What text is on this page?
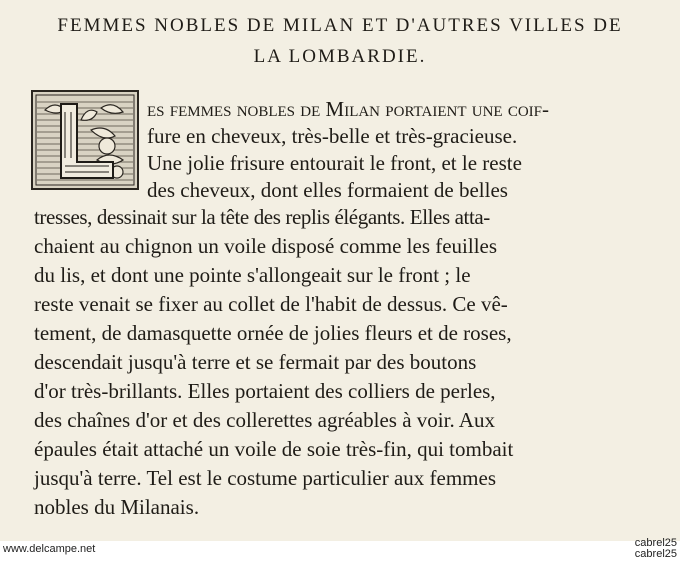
FEMMES NOBLES DE MILAN ET D'AUTRES VILLES DE
LA LOMBARDIE.
es femmes nobles de Milan portaient une coif-
fure en cheveux, très-belle et très-gracieuse.
Une jolie frisure entourait le front, et le reste
des cheveux, dont elles formaient de belles
tresses, dessinait sur la tête des replis élégants. Elles atta-
chaient au chignon un voile disposé comme les feuilles
du lis, et dont une pointe s'allongeait sur le front ; le
reste venait se fixer au collet de l'habit de dessus. Ce vê-
tement, de damasquette ornée de jolies fleurs et de roses,
descendait jusqu'à terre et se fermait par des boutons
d'or très-brillants. Elles portaient des colliers de perles,
des chaînes d'or et des collerettes agréables à voir. Aux
épaules était attaché un voile de soie très-fin, qui tombait
jusqu'à terre. Tel est le costume particulier aux femmes
nobles du Milanais.
www.delcampe.net	cabrel25
cabrel25
